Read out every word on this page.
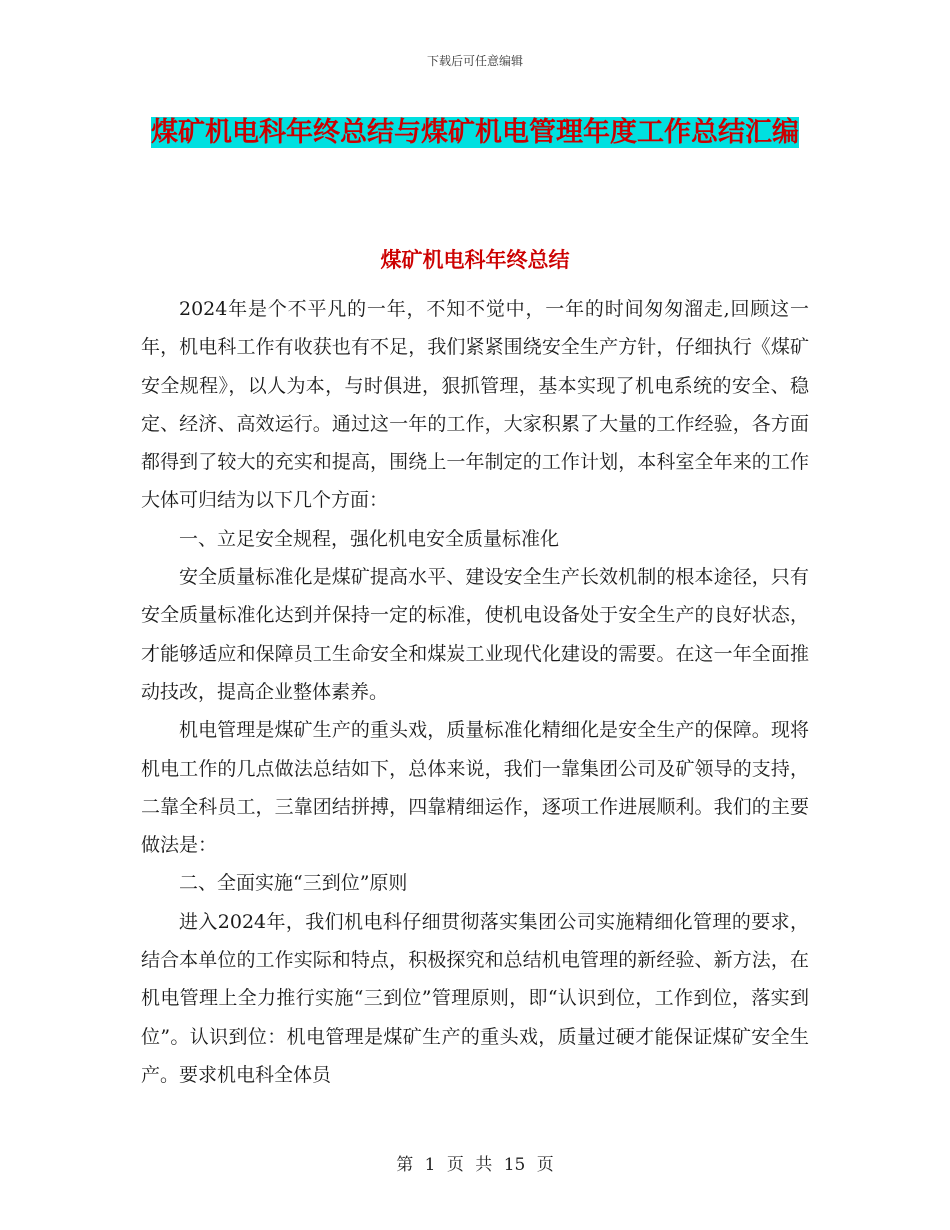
下载后可任意编辑
煤矿机电科年终总结与煤矿机电管理年度工作总结汇编
煤矿机电科年终总结

2024年是个不平凡的一年，不知不觉中，一年的时间匆匆溜走,回顾这一年，机电科工作有收获也有不足，我们紧紧围绕安全生产方针，仔细执行《煤矿安全规程》，以人为本，与时俱进，狠抓管理，基本实现了机电系统的安全、稳定、经济、高效运行。通过这一年的工作，大家积累了大量的工作经验，各方面都得到了较大的充实和提高，围绕上一年制定的工作计划，本科室全年来的工作大体可归结为以下几个方面：

一、立足安全规程，强化机电安全质量标准化

安全质量标准化是煤矿提高水平、建设安全生产长效机制的根本途径，只有安全质量标准化达到并保持一定的标准，使机电设备处于安全生产的良好状态，才能够适应和保障员工生命安全和煤炭工业现代化建设的需要。在这一年全面推动技改，提高企业整体素养。

机电管理是煤矿生产的重头戏，质量标准化精细化是安全生产的保障。现将机电工作的几点做法总结如下，总体来说，我们一靠集团公司及矿领导的支持，二靠全科员工，三靠团结拼搏，四靠精细运作，逐项工作进展顺利。我们的主要做法是：

二、全面实施“三到位”原则

进入2024年，我们机电科仔细贯彻落实集团公司实施精细化管理的要求，结合本单位的工作实际和特点，积极探究和总结机电管理的新经验、新方法，在机电管理上全力推行实施“三到位”管理原则，即“认识到位，工作到位，落实到位”。认识到位：机电管理是煤矿生产的重头戏，质量过硬才能保证煤矿安全生产。要求机电科全体员

第 1 页 共 15 页
